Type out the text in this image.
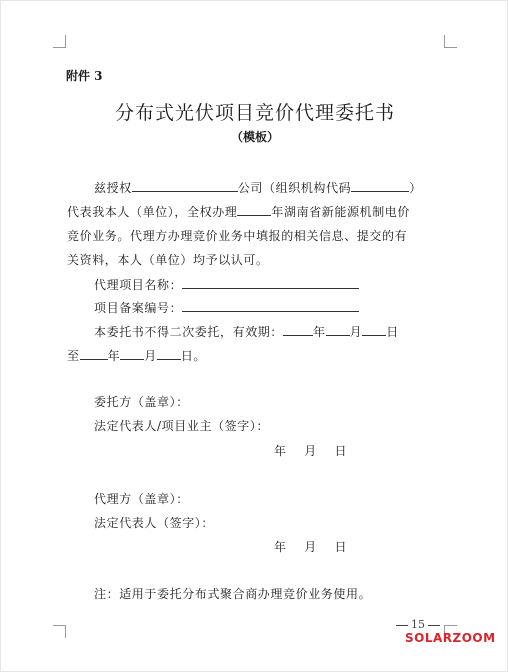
附件 3
分布式光伏项目竞价代理委托书
（模板）
兹授权	公司（组织机构代码	）
代表我本人（单位），全权办理	年湖南省新能源机制电价
竞价业务。代理方办理竞价业务中填报的相关信息、提交的有
关资料，本人（单位）均予以认可。
代理项目名称：
项目备案编号：
本委托书不得二次委托，有效期：	年 月 日
至 年 月 日。
委托方（盖章）：
法定代表人/项目业主（签字）：
年    月    日
代理方（盖章）：
法定代表人（签字）：
年    月    日
注：适用于委托分布式聚合商办理竞价业务使用。
15
SOLARZOOM
